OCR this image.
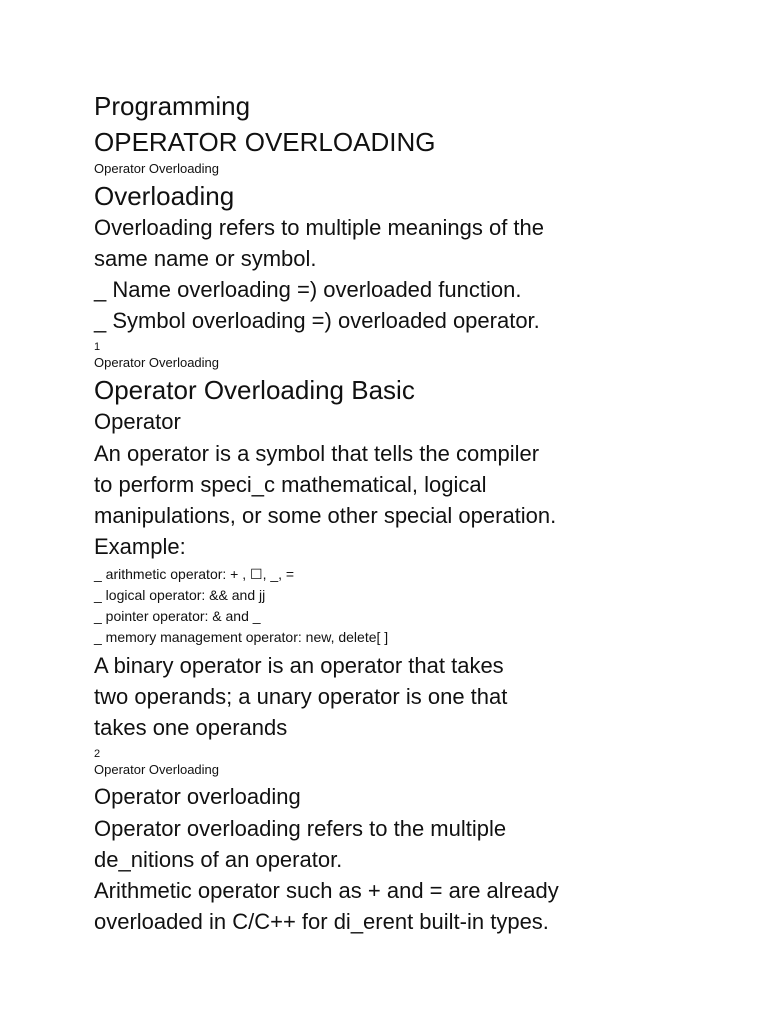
Programming
OPERATOR OVERLOADING
Operator Overloading
Overloading
Overloading refers to multiple meanings of the
same name or symbol.
_ Name overloading =) overloaded function.
_ Symbol overloading =) overloaded operator.
1
Operator Overloading
Operator Overloading Basic
Operator
An operator is a symbol that tells the compiler
to perform speci_c mathematical, logical
manipulations, or some other special operation.
Example:
_ arithmetic operator: + , ☐, _, =
_ logical operator: && and jj
_ pointer operator: & and _
_ memory management operator: new, delete[ ]
A binary operator is an operator that takes
two operands; a unary operator is one that
takes one operands
2
Operator Overloading
Operator overloading
Operator overloading refers to the multiple
de_nitions of an operator.
Arithmetic operator such as + and = are already
overloaded in C/C++ for di_erent built-in types.
